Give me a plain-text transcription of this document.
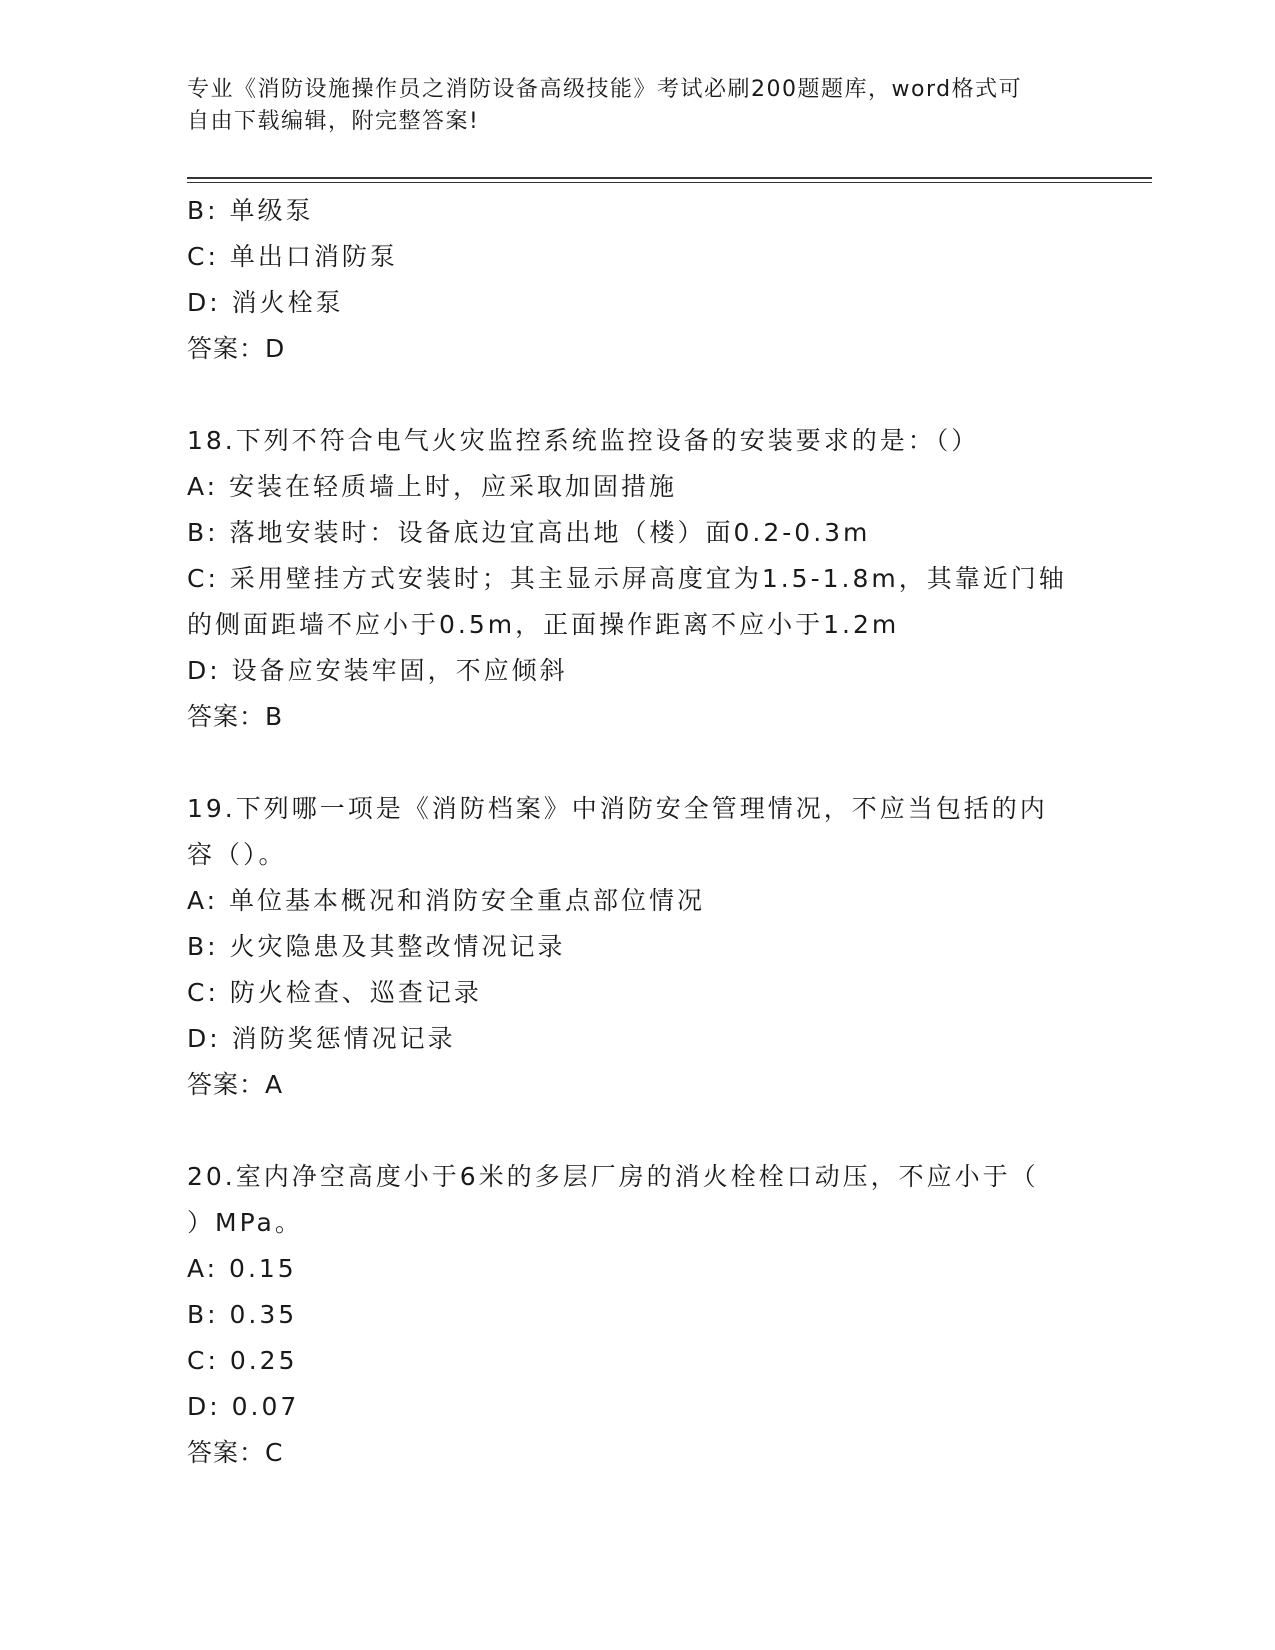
专业《消防设施操作员之消防设备高级技能》考试必刷200题题库，word格式可
自由下载编辑，附完整答案!
B: 单级泵
C: 单出口消防泵
D: 消火栓泵
答案：D
18.下列不符合电气火灾监控系统监控设备的安装要求的是：（）
A: 安装在轻质墙上时，应采取加固措施
B: 落地安装时：设备底边宜高出地（楼）面0.2-0.3m
C: 采用壁挂方式安装时；其主显示屏高度宜为1.5-1.8m，其靠近门轴
的侧面距墙不应小于0.5m，正面操作距离不应小于1.2m
D: 设备应安装牢固，不应倾斜
答案：B
19.下列哪一项是《消防档案》中消防安全管理情况，不应当包括的内
容（）。
A: 单位基本概况和消防安全重点部位情况
B: 火灾隐患及其整改情况记录
C: 防火检查、巡查记录
D: 消防奖惩情况记录
答案：A
20.室内净空高度小于6米的多层厂房的消火栓栓口动压，不应小于（
）MPa。
A: 0.15
B: 0.35
C: 0.25
D: 0.07
答案：C
